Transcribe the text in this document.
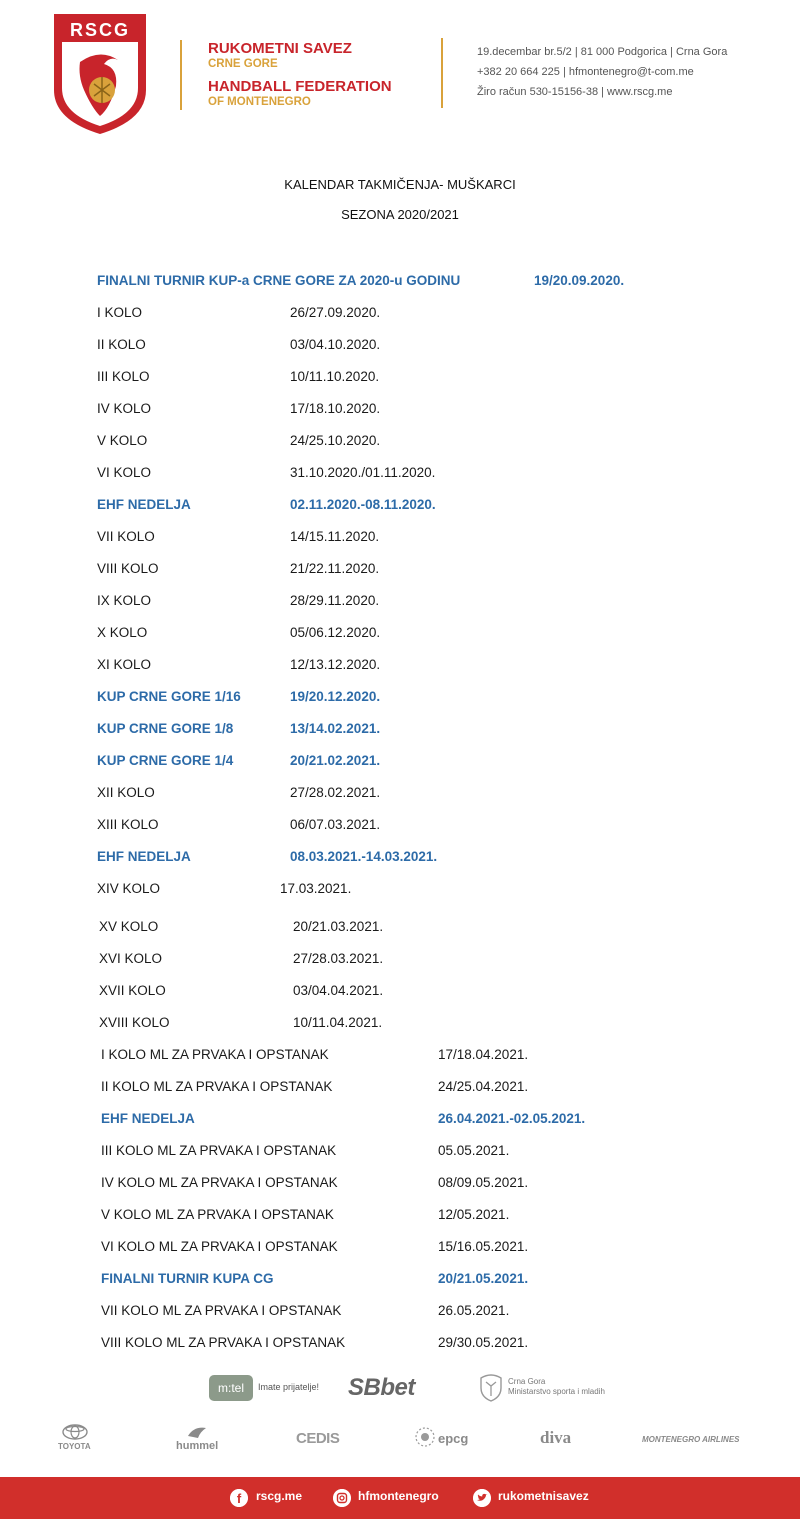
RSCG
RUKOMETNI SAVEZ
CRNE GORE
HANDBALL FEDERATION
OF MONTENEGRO
19.decembar br.5/2 | 81 000 Podgorica | Crna Gora
+382 20 664 225 | hfmontenegro@t-com.me
Žiro račun 530-15156-38 | www.rscg.me
KALENDAR TAKMIČENJA- MUŠKARCI
SEZONA 2020/2021
FINALNI TURNIR KUP-a CRNE GORE ZA 2020-u GODINU	19/20.09.2020.
I KOLO	26/27.09.2020.
II KOLO	03/04.10.2020.
III KOLO	10/11.10.2020.
IV KOLO	17/18.10.2020.
V KOLO	24/25.10.2020.
VI KOLO	31.10.2020./01.11.2020.
EHF NEDELJA	02.11.2020.-08.11.2020.
VII KOLO	14/15.11.2020.
VIII KOLO	21/22.11.2020.
IX KOLO	28/29.11.2020.
X KOLO	05/06.12.2020.
XI KOLO	12/13.12.2020.
KUP CRNE GORE 1/16	19/20.12.2020.
KUP CRNE GORE 1/8	13/14.02.2021.
KUP CRNE GORE 1/4	20/21.02.2021.
XII KOLO	27/28.02.2021.
XIII KOLO	06/07.03.2021.
EHF NEDELJA	08.03.2021.-14.03.2021.
XIV KOLO	17.03.2021.
XV KOLO	20/21.03.2021.
XVI KOLO	27/28.03.2021.
XVII KOLO	03/04.04.2021.
XVIII KOLO	10/11.04.2021.
I KOLO ML ZA PRVAKA I OPSTANAK	17/18.04.2021.
II KOLO ML ZA PRVAKA I OPSTANAK	24/25.04.2021.
EHF NEDELJA	26.04.2021.-02.05.2021.
III KOLO ML ZA PRVAKA I OPSTANAK	05.05.2021.
IV KOLO ML ZA PRVAKA I OPSTANAK	08/09.05.2021.
V KOLO ML ZA PRVAKA I OPSTANAK	12/05.2021.
VI KOLO ML ZA PRVAKA I OPSTANAK	15/16.05.2021.
FINALNI TURNIR KUPA CG	20/21.05.2021.
VII KOLO ML ZA PRVAKA I OPSTANAK	26.05.2021.
VIII KOLO ML ZA PRVAKA I OPSTANAK	29/30.05.2021.
m:tel	Imate prijatelje! SBbet	Crna Gora
Ministarstvo sporta i mladih
TOYOTA	hummel	CEDIS	epcg	diva	MONTENEGRO AIRLINES
f rscg.me	hfmontenegro	rukometnisavez
